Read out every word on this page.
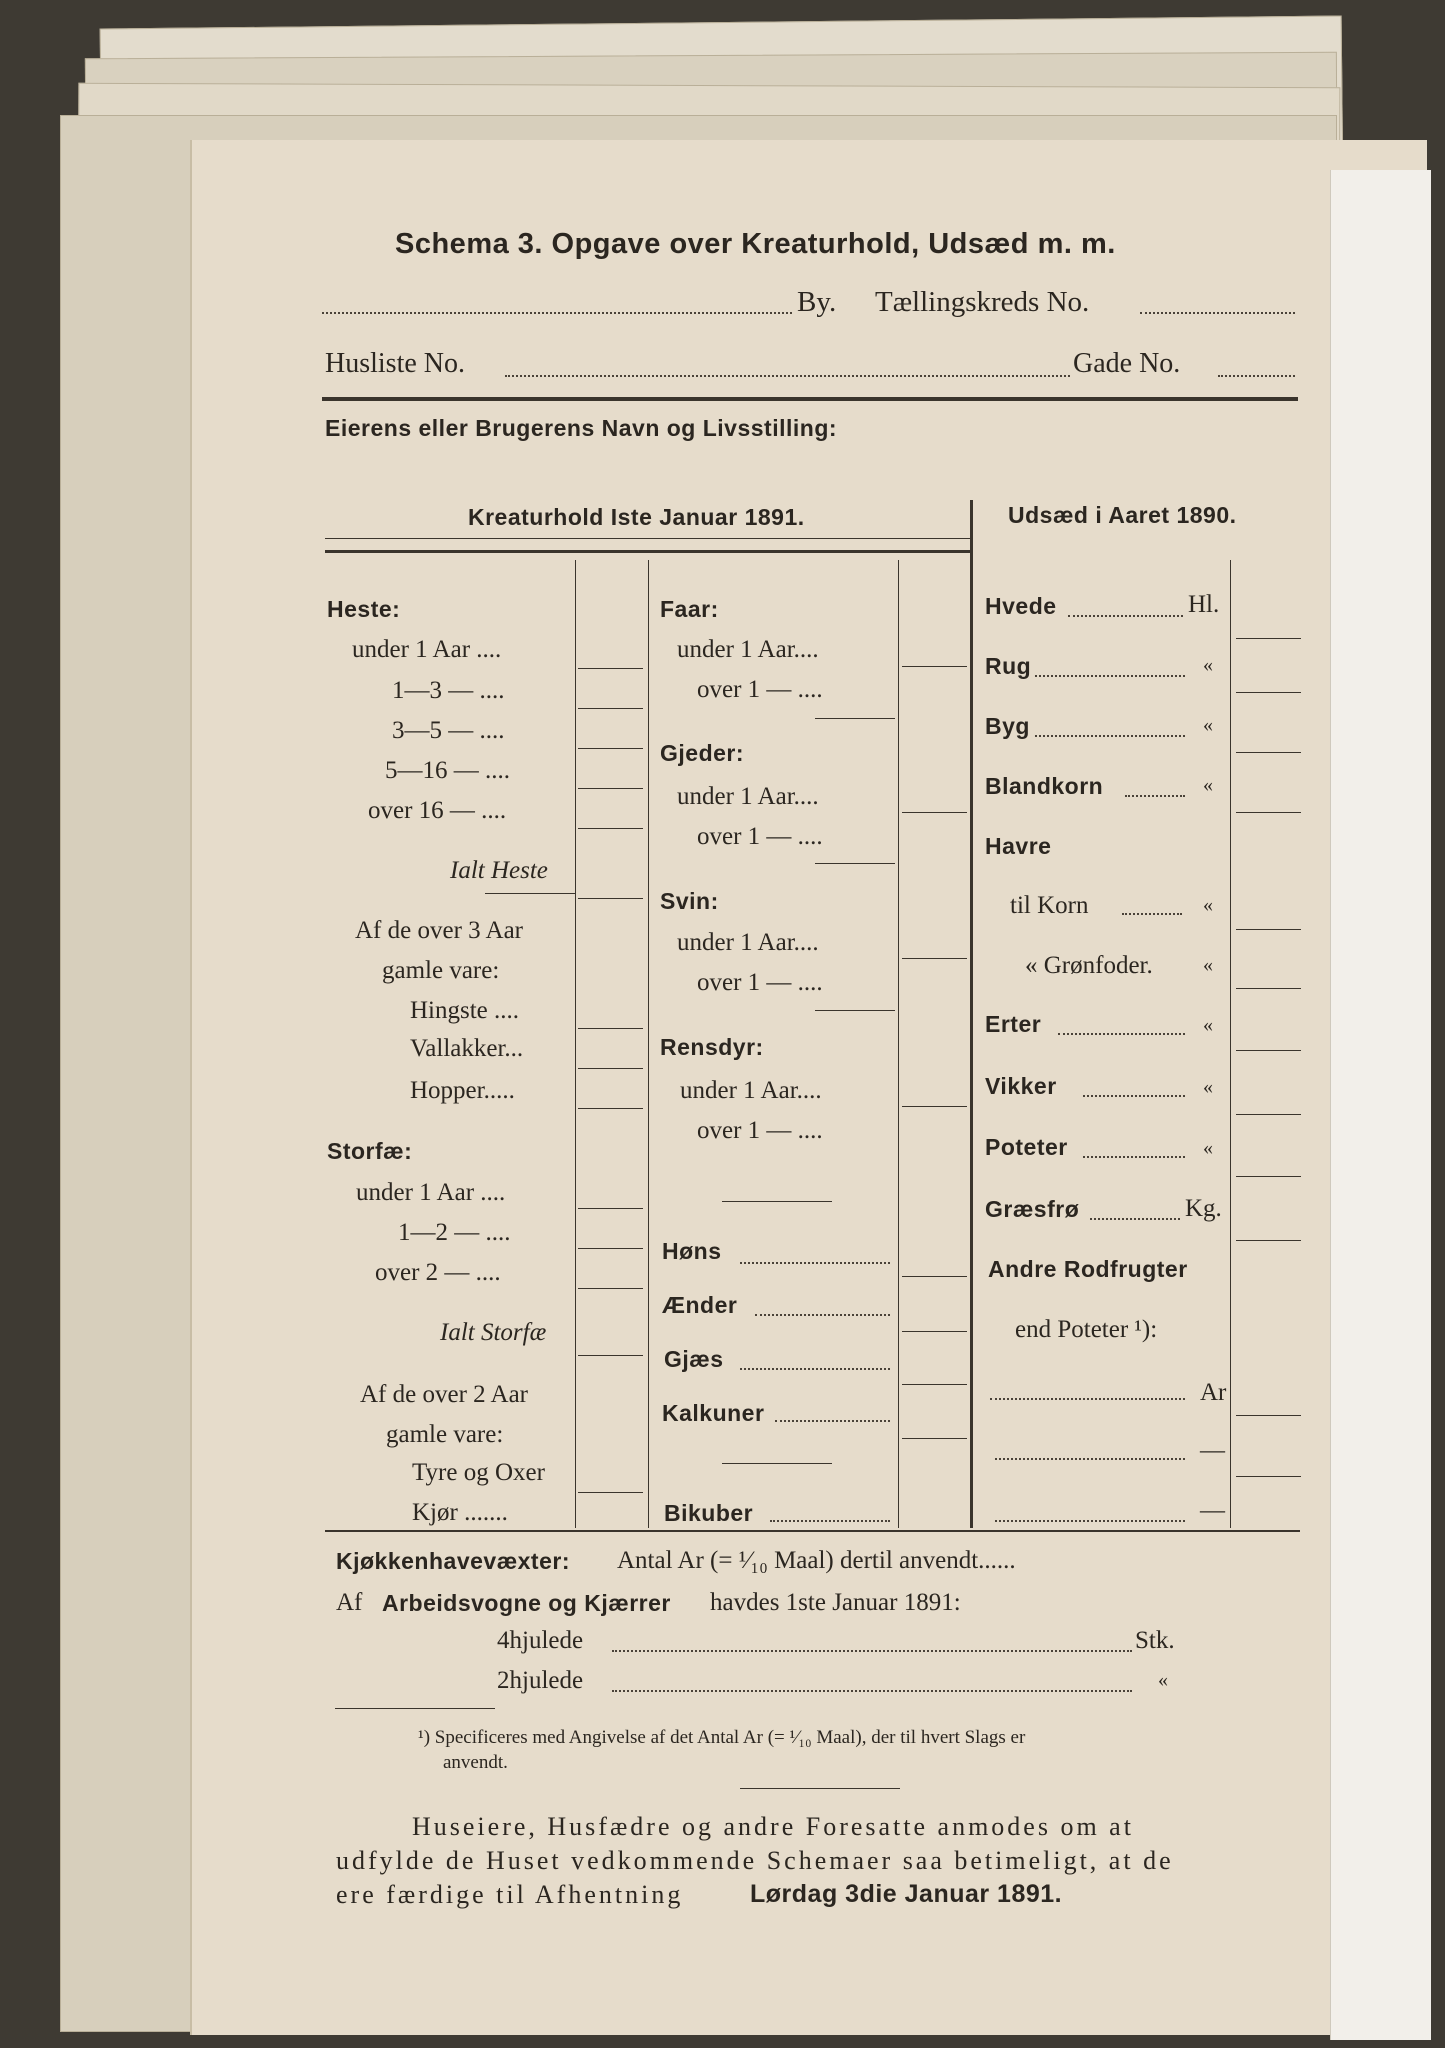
Schema 3. Opgave over Kreaturhold, Udsæd m. m.
By. Tællingskreds No.
Husliste No.	Gade No.
Eierens eller Brugerens Navn og Livsstilling:
Kreaturhold Iste Januar 1891.	Udsæd i Aaret 1890.
Heste:
under 1 Aar ....
1—3 — ....
3—5 — ....
5—16 — ....
over 16 — ....
Ialt Heste
Af de over 3 Aar
gamle vare:
Hingste ....
Vallakker...
Hopper.....
Storfæ:
under 1 Aar ....
1—2 — ....
over 2 — ....
Ialt Storfæ
Af de over 2 Aar
gamle vare:
Tyre og Oxer
Kjør .......
Faar:
under 1 Aar....
over 1 — ....
Gjeder:
under 1 Aar....
over 1 — ....
Svin:
under 1 Aar....
over 1 — ....
Rensdyr:
under 1 Aar....
over 1 — ....
Høns
Ænder
Gjæs
Kalkuner
Bikuber
Hvede	Hl.
Rug	«
Byg	«
Blandkorn	«
Havre
til Korn	«
« Grønfoder.	«
Erter	«
Vikker	«
Poteter	«
Græsfrø	Kg.
Andre Rodfrugter
end Poteter ¹):
Ar
—
—
Kjøkkenhavevæxter: Antal Ar (= ¹⁄₁₀ Maal) dertil anvendt......
Af Arbeidsvogne og Kjærrer havdes 1ste Januar 1891:
4hjulede	Stk.
2hjulede	«
¹) Specificeres med Angivelse af det Antal Ar (= ¹⁄₁₀ Maal), der til hvert Slags er
anvendt.
Huseiere, Husfædre og andre Foresatte anmodes om at
udfylde de Huset vedkommende Schemaer saa betimeligt, at de
ere færdige til Afhentning	Lørdag 3die Januar 1891.
